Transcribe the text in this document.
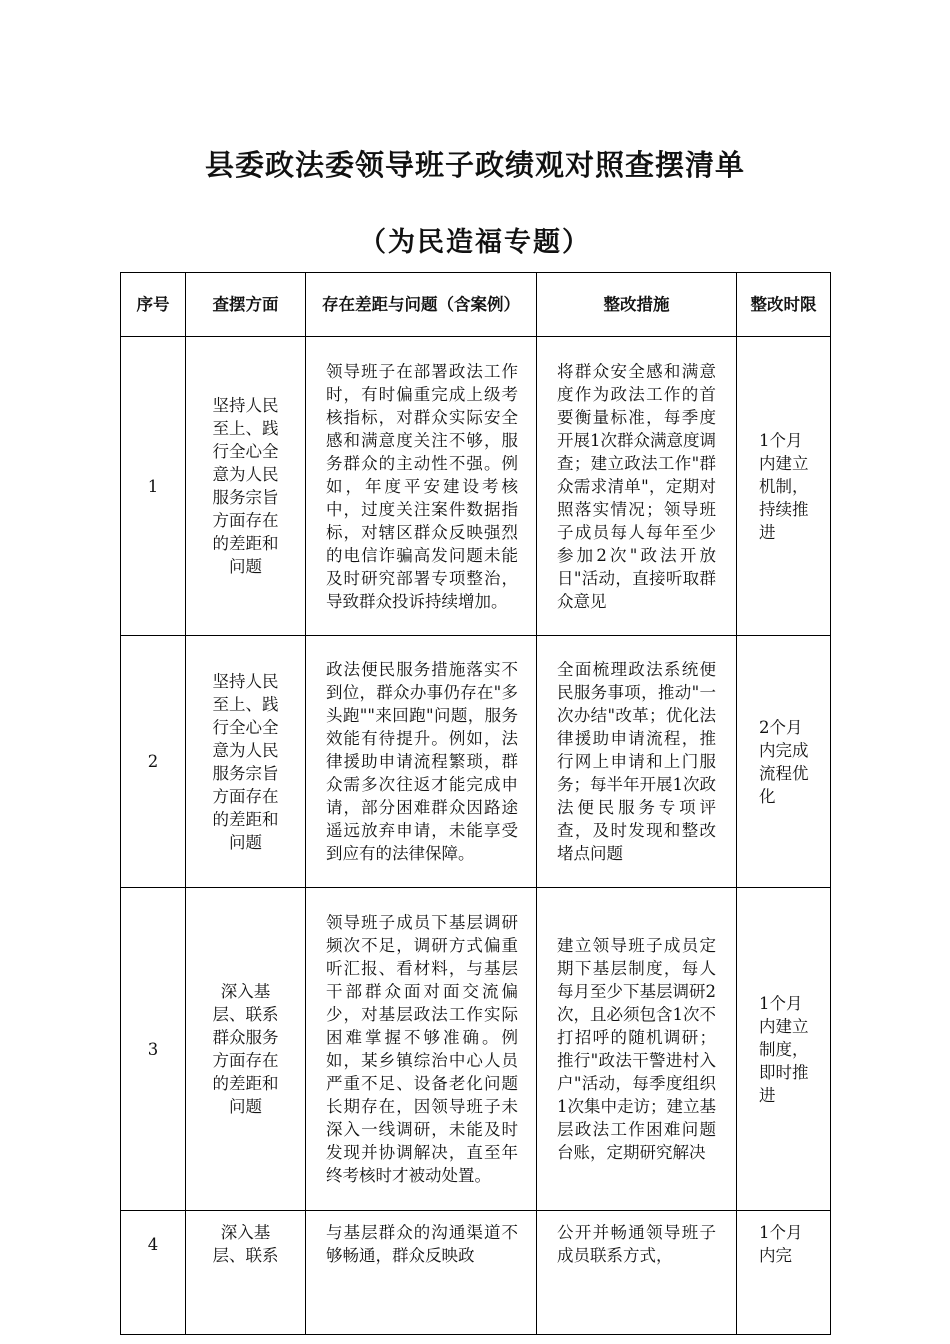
县委政法委领导班子政绩观对照查摆清单
（为民造福专题）
序号	查摆方面	存在差距与问题（含案例）	整改措施	整改时限
1	坚持人民至上、践行全心全意为人民服务宗旨方面存在的差距和问题	领导班子在部署政法工作时，有时偏重完成上级考核指标，对群众实际安全感和满意度关注不够，服务群众的主动性不强。例如，年度平安建设考核中，过度关注案件数据指标，对辖区群众反映强烈的电信诈骗高发问题未能及时研究部署专项整治，导致群众投诉持续增加。	将群众安全感和满意度作为政法工作的首要衡量标准，每季度开展1次群众满意度调查；建立政法工作"群众需求清单"，定期对照落实情况；领导班子成员每人每年至少参加2次"政法开放日"活动，直接听取群众意见	1个月内建立机制，持续推进
2	坚持人民至上、践行全心全意为人民服务宗旨方面存在的差距和问题	政法便民服务措施落实不到位，群众办事仍存在"多头跑""来回跑"问题，服务效能有待提升。例如，法律援助申请流程繁琐，群众需多次往返才能完成申请，部分困难群众因路途遥远放弃申请，未能享受到应有的法律保障。	全面梳理政法系统便民服务事项，推动"一次办结"改革；优化法律援助申请流程，推行网上申请和上门服务；每半年开展1次政法便民服务专项评查，及时发现和整改堵点问题	2个月内完成流程优化
3	深入基层、联系群众服务方面存在的差距和问题	领导班子成员下基层调研频次不足，调研方式偏重听汇报、看材料，与基层干部群众面对面交流偏少，对基层政法工作实际困难掌握不够准确。例如，某乡镇综治中心人员严重不足、设备老化问题长期存在，因领导班子未深入一线调研，未能及时发现并协调解决，直至年终考核时才被动处置。	建立领导班子成员定期下基层制度，每人每月至少下基层调研2次，且必须包含1次不打招呼的随机调研；推行"政法干警进村入户"活动，每季度组织1次集中走访；建立基层政法工作困难问题台账，定期研究解决	1个月内建立制度，即时推进
4	深入基层、联系	与基层群众的沟通渠道不够畅通，群众反映政	公开并畅通领导班子成员联系方式，	1个月内完
